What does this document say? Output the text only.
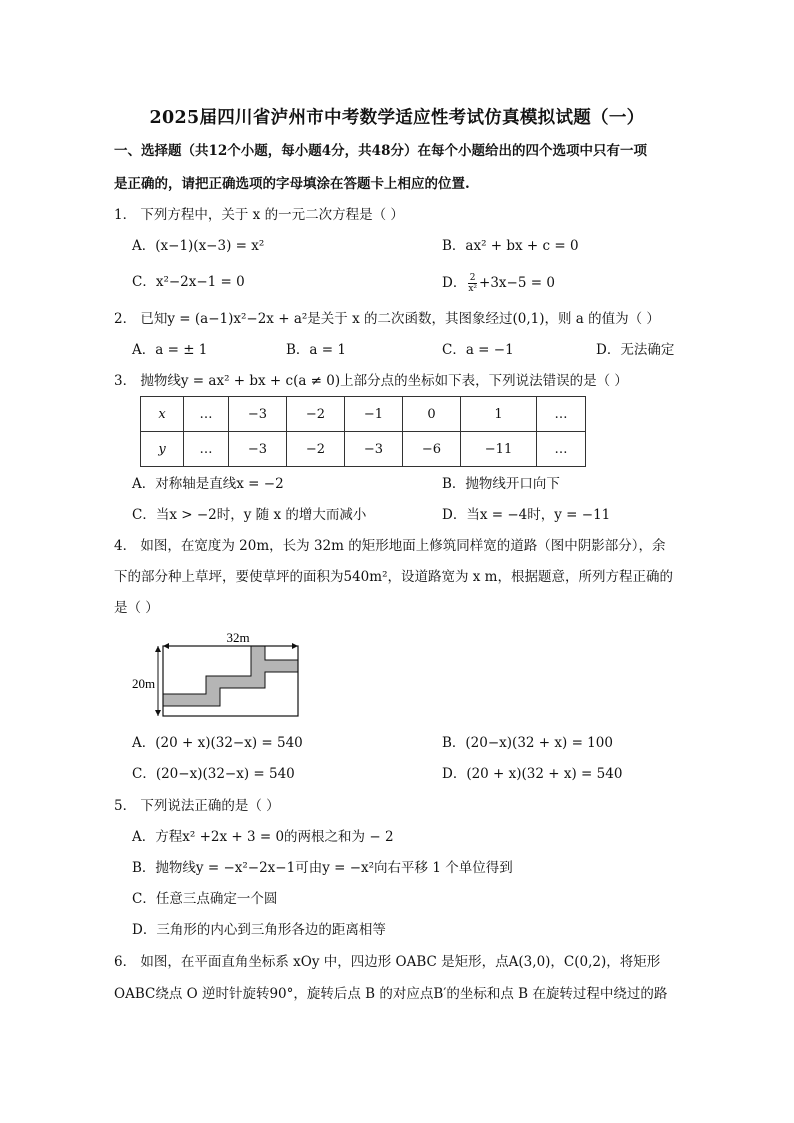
2025届四川省泸州市中考数学适应性考试仿真模拟试题（一）
一、选择题（共12个小题，每小题4分，共48分）在每个小题给出的四个选项中只有一项
是正确的，请把正确选项的字母填涂在答题卡上相应的位置.
1． 下列方程中，关于 x 的一元二次方程是（ ）
A．(x−1)(x−3) = x²	B．ax² + bx + c = 0
C．x²−2x−1 = 0	D． $\frac{2}{\text{x²}} +3x-5 = 0$
2． 已知y = (a−1)x²−2x + a²是关于 x 的二次函数，其图象经过(0,1)，则 a 的值为（ ）
A．a = ± 1	B．a = 1	C．a = −1	D．无法确定
3． 抛物线y = ax² + bx + c(a ≠ 0)上部分点的坐标如下表，下列说法错误的是（ ）
x	…	−3	−2	−1	0	1	…
y	…	−3	−2	−3	−6	−11	…
A．对称轴是直线x = −2	B．抛物线开口向下
C．当x > −2时，y 随 x 的增大而减小	D．当x = −4时，y = −11
4． 如图，在宽度为 20m，长为 32m 的矩形地面上修筑同样宽的道路（图中阴影部分），余
下的部分种上草坪，要使草坪的面积为540m²，设道路宽为 x m，根据题意，所列方程正确的
是（ ）
32m
20m
A．(20 + x)(32−x) = 540	B．(20−x)(32 + x) = 100
C．(20−x)(32−x) = 540	D．(20 + x)(32 + x) = 540
5． 下列说法正确的是（ ）
A．方程x² +2x + 3 = 0的两根之和为 − 2
B．抛物线y = −x²−2x−1可由y = −x²向右平移 1 个单位得到
C．任意三点确定一个圆
D．三角形的内心到三角形各边的距离相等
6． 如图，在平面直角坐标系 xOy 中，四边形 OABC 是矩形，点A(3,0)，C(0,2)，将矩形
OABC绕点 O 逆时针旋转90°，旋转后点 B 的对应点B′的坐标和点 B 在旋转过程中绕过的路
